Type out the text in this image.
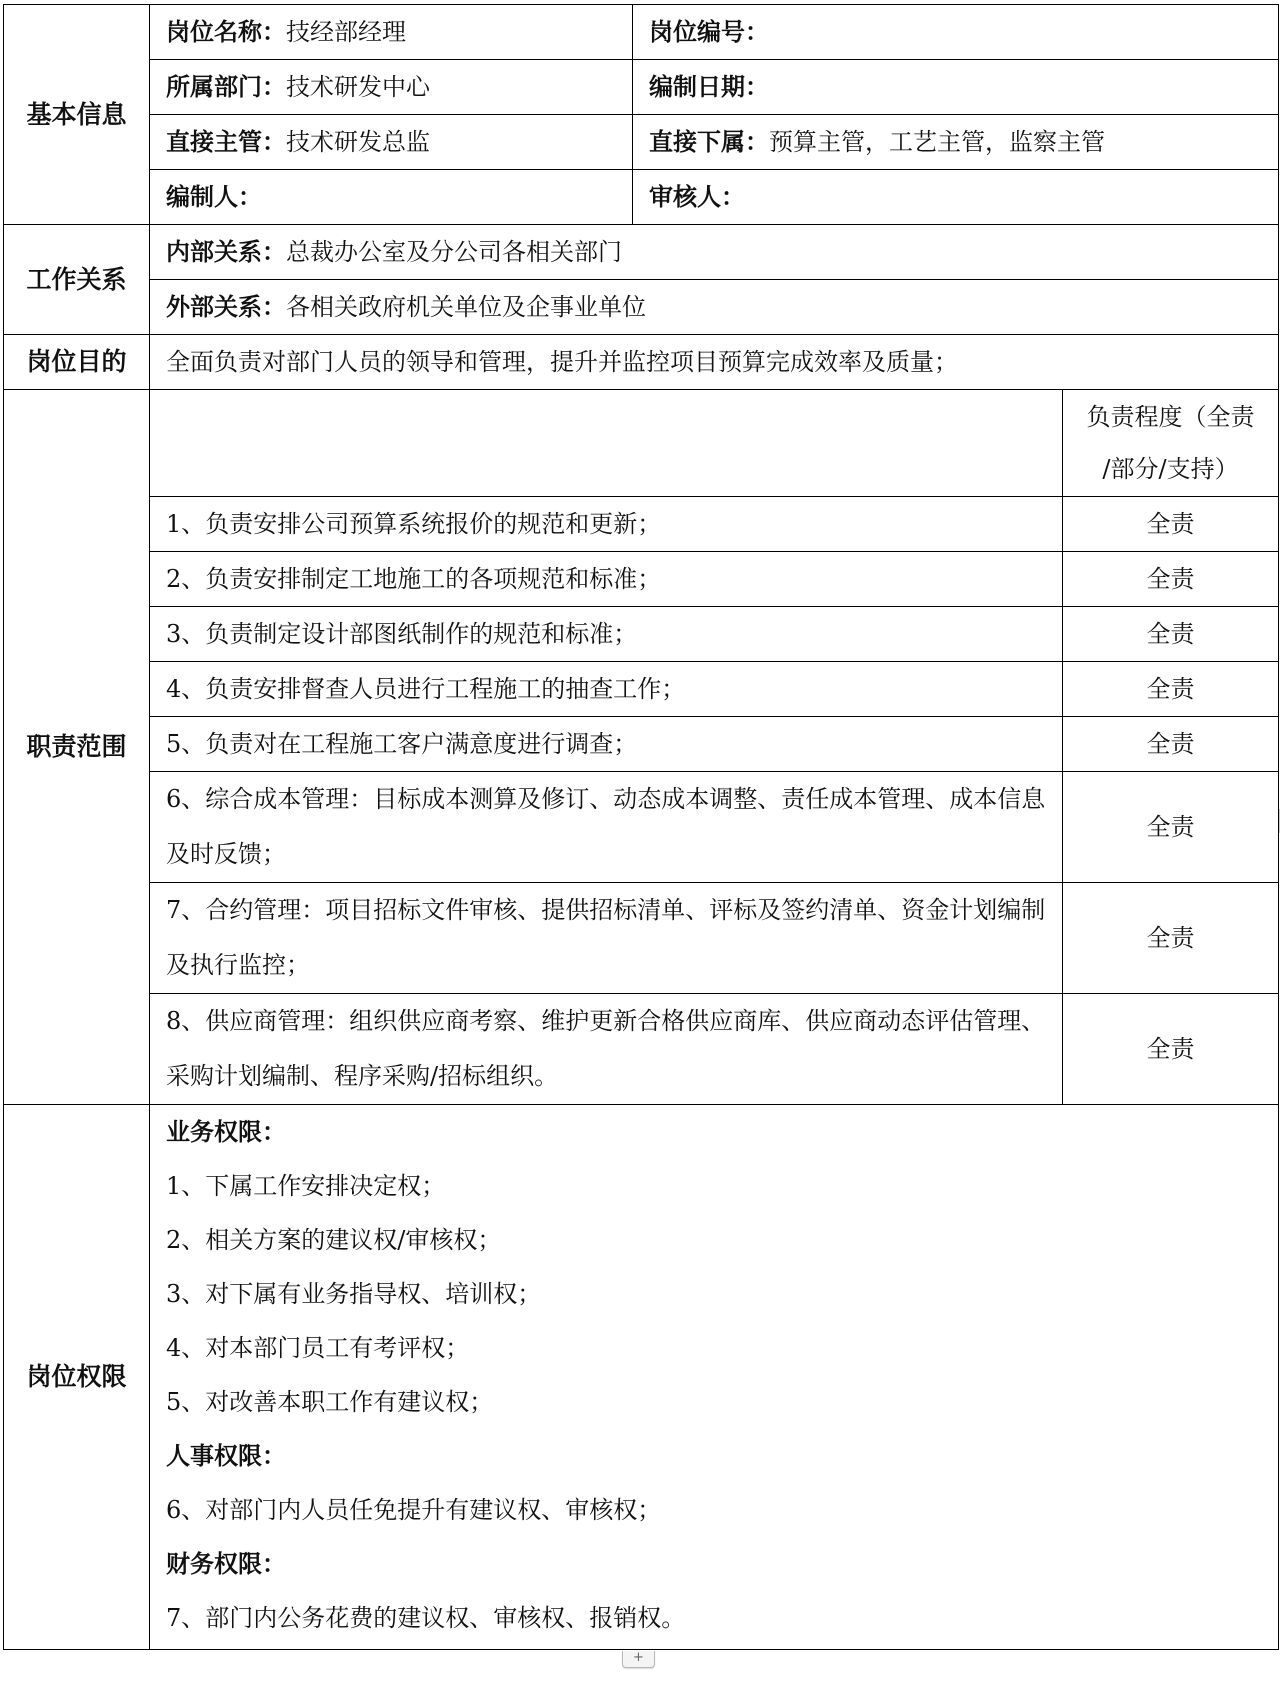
基本信息	岗位名称：技经部经理	岗位编号：	
	所属部门：技术研发中心	编制日期：	
	直接主管：技术研发总监	直接下属：预算主管，工艺主管，监察主管	
	编制人：	审核人：	
工作关系	内部关系：总裁办公室及分公司各相关部门		
	外部关系：各相关政府机关单位及企事业单位		
岗位目的	全面负责对部门人员的领导和管理，提升并监控项目预算完成效率及质量；		
职责范围			负责程度（全责
/部分/支持）

	1、负责安排公司预算系统报价的规范和更新；		全责
	2、负责安排制定工地施工的各项规范和标准；		全责
	3、负责制定设计部图纸制作的规范和标准；		全责
	4、负责安排督查人员进行工程施工的抽查工作；		全责
	5、负责对在工程施工客户满意度进行调查；		全责
	6、综合成本管理：目标成本测算及修订、动态成本调整、责任成本管理、成本信息及时反馈；		全责
	7、合约管理：项目招标文件审核、提供招标清单、评标及签约清单、资金计划编制及执行监控；		全责
	8、供应商管理：组织供应商考察、维护更新合格供应商库、供应商动态评估管理、采购计划编制、程序采购/招标组织。		全责
岗位权限	
业务权限：
1、下属工作安排决定权；
2、相关方案的建议权/审核权；
3、对下属有业务指导权、培训权；
4、对本部门员工有考评权；
5、对改善本职工作有建议权；
人事权限：
6、对部门内人员任免提升有建议权、审核权；
财务权限：
7、部门内公务花费的建议权、审核权、报销权。
+
